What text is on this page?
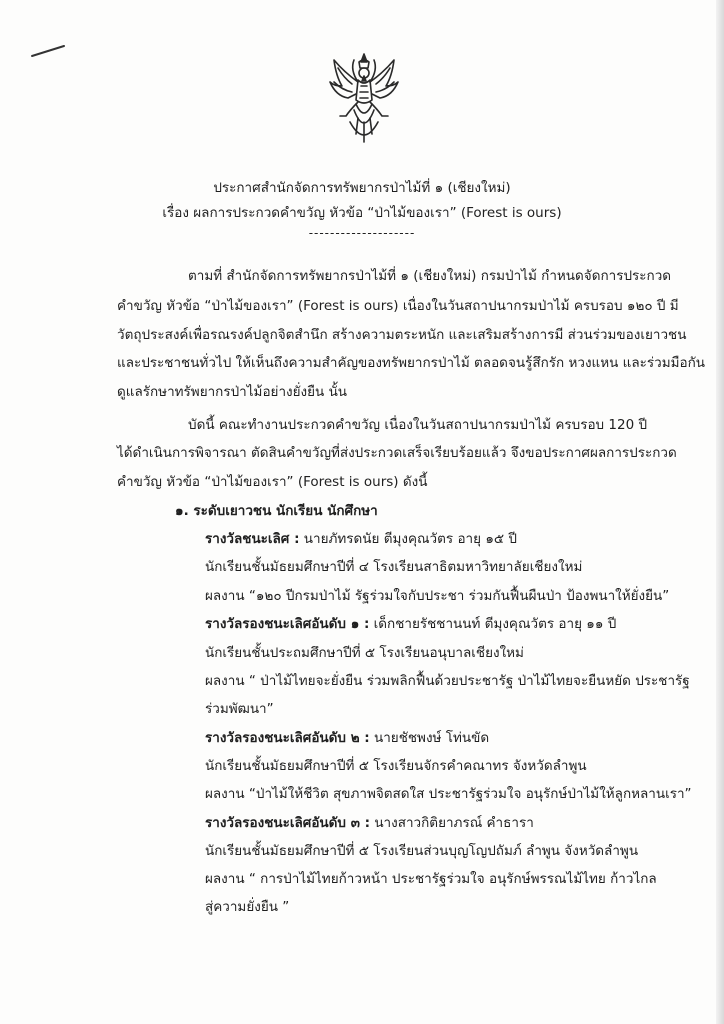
ประกาศสำนักจัดการทรัพยากรป่าไม้ที่ ๑ (เชียงใหม่)
เรื่อง ผลการประกวดคำขวัญ หัวข้อ “ป่าไม้ของเรา” (Forest is ours)
--------------------
ตามที่ สำนักจัดการทรัพยากรป่าไม้ที่ ๑ (เชียงใหม่) กรมป่าไม้ กำหนดจัดการประกวด
คำขวัญ หัวข้อ “ป่าไม้ของเรา” (Forest is ours) เนื่องในวันสถาปนากรมป่าไม้ ครบรอบ ๑๒๐ ปี มี
วัตถุประสงค์เพื่อรณรงค์ปลูกจิตสำนึก สร้างความตระหนัก และเสริมสร้างการมี ส่วนร่วมของเยาวชน
และประชาชนทั่วไป ให้เห็นถึงความสำคัญของทรัพยากรป่าไม้ ตลอดจนรู้สึกรัก หวงแหน และร่วมมือกัน
ดูแลรักษาทรัพยากรป่าไม้อย่างยั่งยืน นั้น
บัดนี้ คณะทำงานประกวดคำขวัญ เนื่องในวันสถาปนากรมป่าไม้ ครบรอบ 120 ปี
ได้ดำเนินการพิจารณา ตัดสินคำขวัญที่ส่งประกวดเสร็จเรียบร้อยแล้ว จึงขอประกาศผลการประกวด
คำขวัญ หัวข้อ “ป่าไม้ของเรา” (Forest is ours) ดังนี้
๑. ระดับเยาวชน นักเรียน นักศึกษา
รางวัลชนะเลิศ : นายภัทรดนัย ตีมุงคุณวัตร อายุ ๑๕ ปี
นักเรียนชั้นมัธยมศึกษาปีที่ ๔ โรงเรียนสาธิตมหาวิทยาลัยเชียงใหม่
ผลงาน “๑๒๐ ปีกรมป่าไม้ รัฐร่วมใจกับประชา ร่วมกันฟื้นผืนป่า ป้องพนาให้ยั่งยืน”
รางวัลรองชนะเลิศอันดับ ๑ : เด็กชายรัชชานนท์ ตีมุงคุณวัตร อายุ ๑๑ ปี
นักเรียนชั้นประถมศึกษาปีที่ ๕ โรงเรียนอนุบาลเชียงใหม่
ผลงาน “ ป่าไม้ไทยจะยั่งยืน ร่วมพลิกฟื้นด้วยประชารัฐ ป่าไม้ไทยจะยืนหยัด ประชารัฐ
ร่วมพัฒนา”
รางวัลรองชนะเลิศอันดับ ๒ : นายชัชพงษ์ โท่นขัด
นักเรียนชั้นมัธยมศึกษาปีที่ ๕ โรงเรียนจักรคำคณาทร จังหวัดลำพูน
ผลงาน “ป่าไม้ให้ชีวิต สุขภาพจิตสดใส ประชารัฐร่วมใจ อนุรักษ์ป่าไม้ให้ลูกหลานเรา”
รางวัลรองชนะเลิศอันดับ ๓ : นางสาวกิติยาภรณ์ คำธารา
นักเรียนชั้นมัธยมศึกษาปีที่ ๕ โรงเรียนส่วนบุญโญปถัมภ์ ลำพูน จังหวัดลำพูน
ผลงาน “ การป่าไม้ไทยก้าวหน้า ประชารัฐร่วมใจ อนุรักษ์พรรณไม้ไทย ก้าวไกล
สู่ความยั่งยืน ”
